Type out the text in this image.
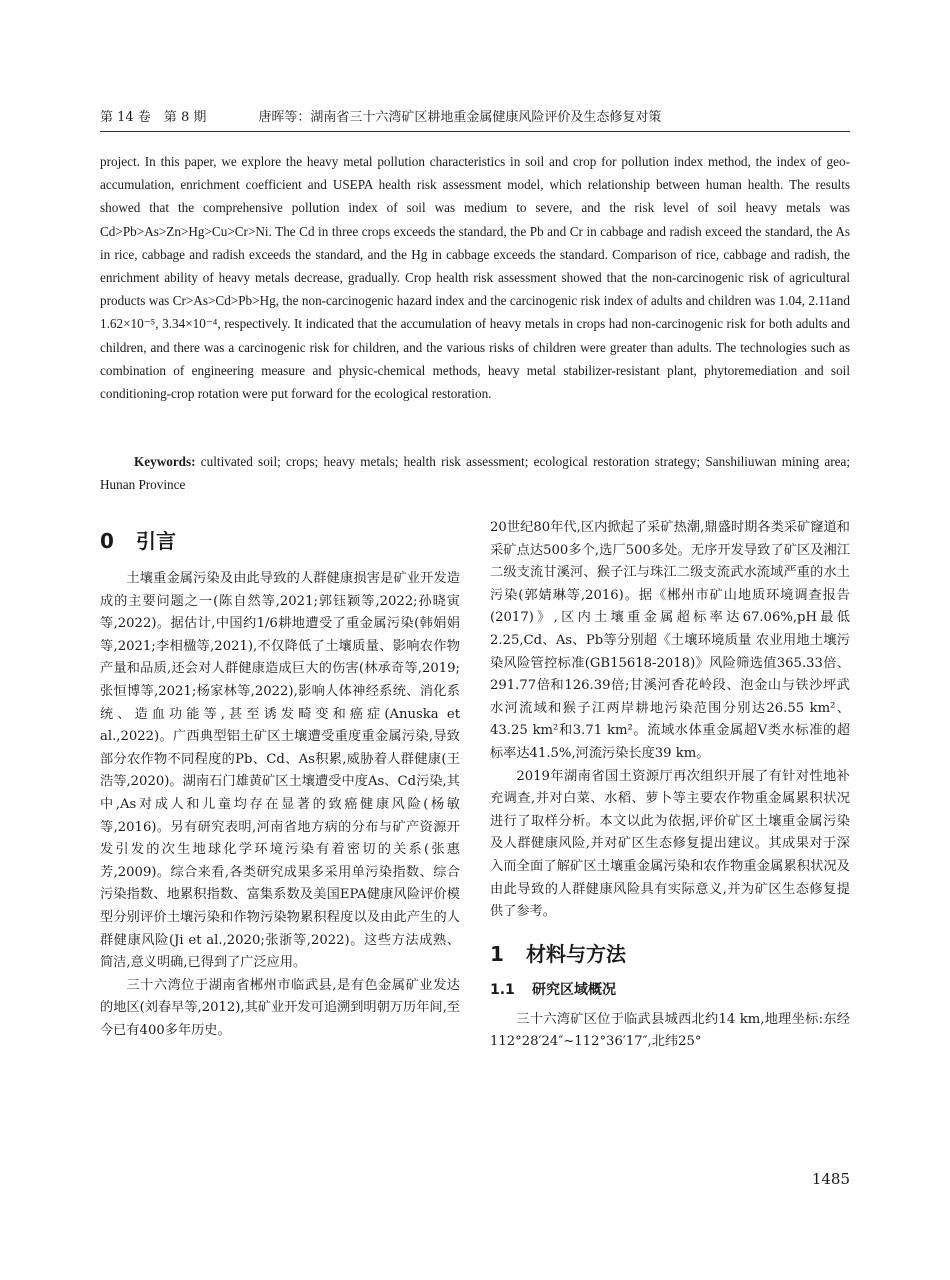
第 14 卷　第 8 期	唐晖等：湖南省三十六湾矿区耕地重金属健康风险评价及生态修复对策

project. In this paper, we explore the heavy metal pollution characteristics in soil and crop for pollution index method, the index of geo-accumulation, enrichment coefficient and USEPA health risk assessment model, which relationship between human health. The results showed that the comprehensive pollution index of soil was medium to severe, and the risk level of soil heavy metals was Cd>Pb>As>Zn>Hg>Cu>Cr>Ni. The Cd in three crops exceeds the standard, the Pb and Cr in cabbage and radish exceed the standard, the As in rice, cabbage and radish exceeds the standard, and the Hg in cabbage exceeds the standard. Comparison of rice, cabbage and radish, the enrichment ability of heavy metals decrease, gradually. Crop health risk assessment showed that the non-carcinogenic risk of agricultural products was Cr>As>Cd>Pb>Hg, the non-carcinogenic hazard index and the carcinogenic risk index of adults and children was 1.04, 2.11and 1.62×10⁻⁵, 3.34×10⁻⁴, respectively. It indicated that the accumulation of heavy metals in crops had non-carcinogenic risk for both adults and children, and there was a carcinogenic risk for children, and the various risks of children were greater than adults. The technologies such as combination of engineering measure and physic-chemical methods, heavy metal stabilizer-resistant plant, phytoremediation and soil conditioning-crop rotation were put forward for the ecological restoration.

Keywords: cultivated soil; crops; heavy metals; health risk assessment; ecological restoration strategy; Sanshiliuwan mining area; Hunan Province

0 引言

土壤重金属污染及由此导致的人群健康损害是矿业开发造成的主要问题之一(陈自然等,2021;郭钰颖等,2022;孙晓寅等,2022)。据估计,中国约1/6耕地遭受了重金属污染(韩娟娟等,2021;李相楹等,2021),不仅降低了土壤质量、影响农作物产量和品质,还会对人群健康造成巨大的伤害(林承奇等,2019;张恒博等,2021;杨家林等,2022),影响人体神经系统、消化系统、造血功能等,甚至诱发畸变和癌症(Anuska et al.,2022)。广西典型铝土矿区土壤遭受重度重金属污染,导致部分农作物不同程度的Pb、Cd、As积累,威胁着人群健康(王浩等,2020)。湖南石门雄黄矿区土壤遭受中度As、Cd污染,其中,As对成人和儿童均存在显著的致癌健康风险(杨敏等,2016)。另有研究表明,河南省地方病的分布与矿产资源开发引发的次生地球化学环境污染有着密切的关系(张惠芳,2009)。综合来看,各类研究成果多采用单污染指数、综合污染指数、地累积指数、富集系数及美国EPA健康风险评价模型分别评价土壤污染和作物污染物累积程度以及由此产生的人群健康风险(Ji et al.,2020;张浙等,2022)。这些方法成熟、简洁,意义明确,已得到了广泛应用。

三十六湾位于湖南省郴州市临武县,是有色金属矿业发达的地区(刘春早等,2012),其矿业开发可追溯到明朝万历年间,至今已有400多年历史。

20世纪80年代,区内掀起了采矿热潮,鼎盛时期各类采矿窿道和采矿点达500多个,选厂500多处。无序开发导致了矿区及湘江二级支流甘溪河、猴子江与珠江二级支流武水流域严重的水土污染(郭婧琳等,2016)。据《郴州市矿山地质环境调查报告(2017)》,区内土壤重金属超标率达67.06%,pH最低2.25,Cd、As、Pb等分别超《土壤环境质量 农业用地土壤污染风险管控标准(GB15618-2018)》风险筛选值365.33倍、291.77倍和126.39倍;甘溪河香花岭段、泡金山与铁沙坪武水河流域和猴子江两岸耕地污染范围分别达26.55 km²、43.25 km²和3.71 km²。流域水体重金属超Ⅴ类水标准的超标率达41.5%,河流污染长度39 km。

2019年湖南省国土资源厅再次组织开展了有针对性地补充调查,并对白菜、水稻、萝卜等主要农作物重金属累积状况进行了取样分析。本文以此为依据,评价矿区土壤重金属污染及人群健康风险,并对矿区生态修复提出建议。其成果对于深入而全面了解矿区土壤重金属污染和农作物重金属累积状况及由此导致的人群健康风险具有实际意义,并为矿区生态修复提供了参考。

1 材料与方法
1.1 研究区域概况

三十六湾矿区位于临武县城西北约14 km,地理坐标:东经112°28′24″~112°36′17″,北纬25°

1485
